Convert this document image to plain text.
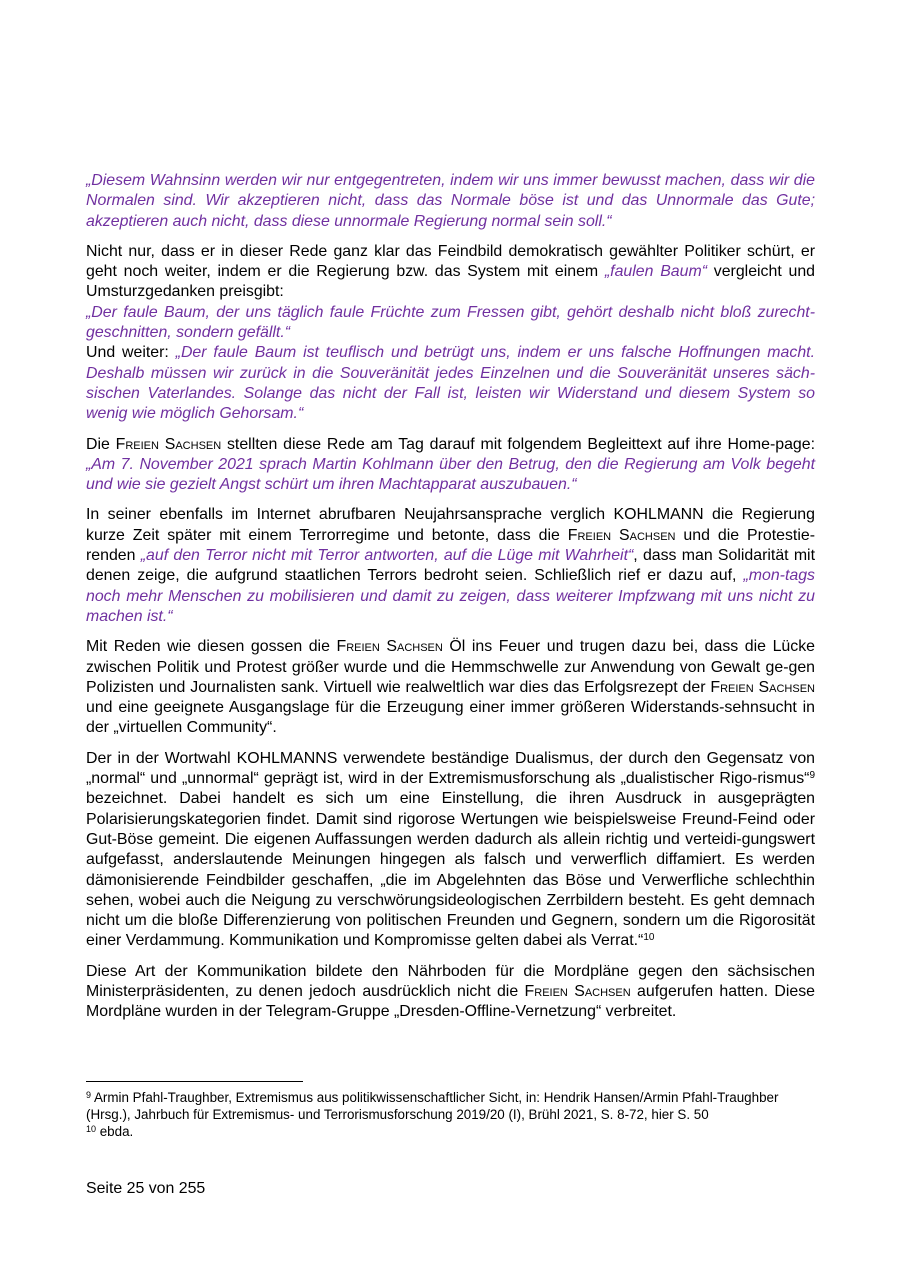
„Diesem Wahnsinn werden wir nur entgegentreten, indem wir uns immer bewusst machen, dass wir die Normalen sind. Wir akzeptieren nicht, dass das Normale böse ist und das Unnormale das Gute; akzeptieren auch nicht, dass diese unnormale Regierung normal sein soll.“

Nicht nur, dass er in dieser Rede ganz klar das Feindbild demokratisch gewählter Politiker schürt, er geht noch weiter, indem er die Regierung bzw. das System mit einem „faulen Baum“ vergleicht und Umsturzgedanken preisgibt:
„Der faule Baum, der uns täglich faule Früchte zum Fressen gibt, gehört deshalb nicht bloß zurecht-geschnitten, sondern gefällt.“
Und weiter: „Der faule Baum ist teuflisch und betrügt uns, indem er uns falsche Hoffnungen macht. Deshalb müssen wir zurück in die Souveränität jedes Einzelnen und die Souveränität unseres säch-sischen Vaterlandes. Solange das nicht der Fall ist, leisten wir Widerstand und diesem System so wenig wie möglich Gehorsam.“

Die Freien Sachsen stellten diese Rede am Tag darauf mit folgendem Begleittext auf ihre Home-page: „Am 7. November 2021 sprach Martin Kohlmann über den Betrug, den die Regierung am Volk begeht und wie sie gezielt Angst schürt um ihren Machtapparat auszubauen.“

In seiner ebenfalls im Internet abrufbaren Neujahrsansprache verglich KOHLMANN die Regierung kurze Zeit später mit einem Terrorregime und betonte, dass die Freien Sachsen und die Protestie-renden „auf den Terror nicht mit Terror antworten, auf die Lüge mit Wahrheit“, dass man Solidarität mit denen zeige, die aufgrund staatlichen Terrors bedroht seien. Schließlich rief er dazu auf, „mon-tags noch mehr Menschen zu mobilisieren und damit zu zeigen, dass weiterer Impfzwang mit uns nicht zu machen ist.“

Mit Reden wie diesen gossen die Freien Sachsen Öl ins Feuer und trugen dazu bei, dass die Lücke zwischen Politik und Protest größer wurde und die Hemmschwelle zur Anwendung von Gewalt ge-gen Polizisten und Journalisten sank. Virtuell wie realweltlich war dies das Erfolgsrezept der Freien Sachsen und eine geeignete Ausgangslage für die Erzeugung einer immer größeren Widerstands-sehnsucht in der „virtuellen Community“.

Der in der Wortwahl KOHLMANNS verwendete beständige Dualismus, der durch den Gegensatz von „normal“ und „unnormal“ geprägt ist, wird in der Extremismusforschung als „dualistischer Rigo-rismus“$^9$ bezeichnet. Dabei handelt es sich um eine Einstellung, die ihren Ausdruck in ausgeprägten Polarisierungskategorien findet. Damit sind rigorose Wertungen wie beispielsweise Freund-Feind oder Gut-Böse gemeint. Die eigenen Auffassungen werden dadurch als allein richtig und verteidi-gungswert aufgefasst, anderslautende Meinungen hingegen als falsch und verwerflich diffamiert. Es werden dämonisierende Feindbilder geschaffen, „die im Abgelehnten das Böse und Verwerfliche schlechthin sehen, wobei auch die Neigung zu verschwörungsideologischen Zerrbildern besteht. Es geht demnach nicht um die bloße Differenzierung von politischen Freunden und Gegnern, sondern um die Rigorosität einer Verdammung. Kommunikation und Kompromisse gelten dabei als Verrat.“$^{10}$

Diese Art der Kommunikation bildete den Nährboden für die Mordpläne gegen den sächsischen Ministerpräsidenten, zu denen jedoch ausdrücklich nicht die Freien Sachsen aufgerufen hatten. Diese Mordpläne wurden in der Telegram-Gruppe „Dresden-Offline-Vernetzung“ verbreitet.

$^9$ Armin Pfahl-Traughber, Extremismus aus politikwissenschaftlicher Sicht, in: Hendrik Hansen/Armin Pfahl-Traughber (Hrsg.), Jahrbuch für Extremismus- und Terrorismusforschung 2019/20 (I), Brühl 2021, S. 8-72, hier S. 50

$^{10}$ ebda.

Seite 25 von 255
